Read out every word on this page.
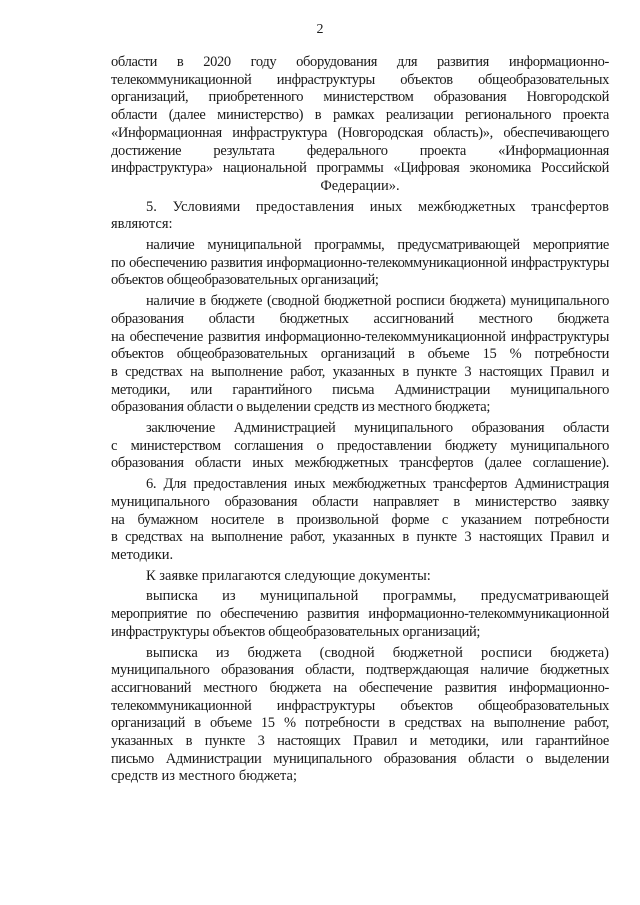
2

области в 2020 году оборудования для развития информационно-

телекоммуникационной инфраструктуры объектов общеобразовательных

организаций, приобретенного министерством образования Новгородской

области (далее министерство) в рамках реализации регионального проекта

«Информационная инфраструктура (Новгородская область)», обеспечивающего

достижение результата федерального проекта «Информационная

инфраструктура» национальной программы «Цифровая экономика Российской

Федерации».

5. Условиями предоставления иных межбюджетных трансфертов

являются:

наличие муниципальной программы, предусматривающей мероприятие

по обеспечению развития информационно-телекоммуникационной инфраструктуры

объектов общеобразовательных организаций;

наличие в бюджете (сводной бюджетной росписи бюджета) муниципального

образования области бюджетных ассигнований местного бюджета

на обеспечение развития информационно-телекоммуникационной инфраструктуры

объектов общеобразовательных организаций в объеме 15 % потребности

в средствах на выполнение работ, указанных в пункте 3 настоящих Правил и

методики, или гарантийного письма Администрации муниципального

образования области о выделении средств из местного бюджета;

заключение Администрацией муниципального образования области

с министерством соглашения о предоставлении бюджету муниципального

образования области иных межбюджетных трансфертов (далее соглашение).

6. Для предоставления иных межбюджетных трансфертов Администрация

муниципального образования области направляет в министерство заявку

на бумажном носителе в произвольной форме с указанием потребности

в средствах на выполнение работ, указанных в пункте 3 настоящих Правил и

методики.

К заявке прилагаются следующие документы:

выписка из муниципальной программы, предусматривающей

мероприятие по обеспечению развития информационно-телекоммуникационной

инфраструктуры объектов общеобразовательных организаций;

выписка из бюджета (сводной бюджетной росписи бюджета)

муниципального образования области, подтверждающая наличие бюджетных

ассигнований местного бюджета на обеспечение развития информационно-

телекоммуникационной инфраструктуры объектов общеобразовательных

организаций в объеме 15 % потребности в средствах на выполнение работ,

указанных в пункте 3 настоящих Правил и методики, или гарантийное

письмо Администрации муниципального образования области о выделении

средств из местного бюджета;
